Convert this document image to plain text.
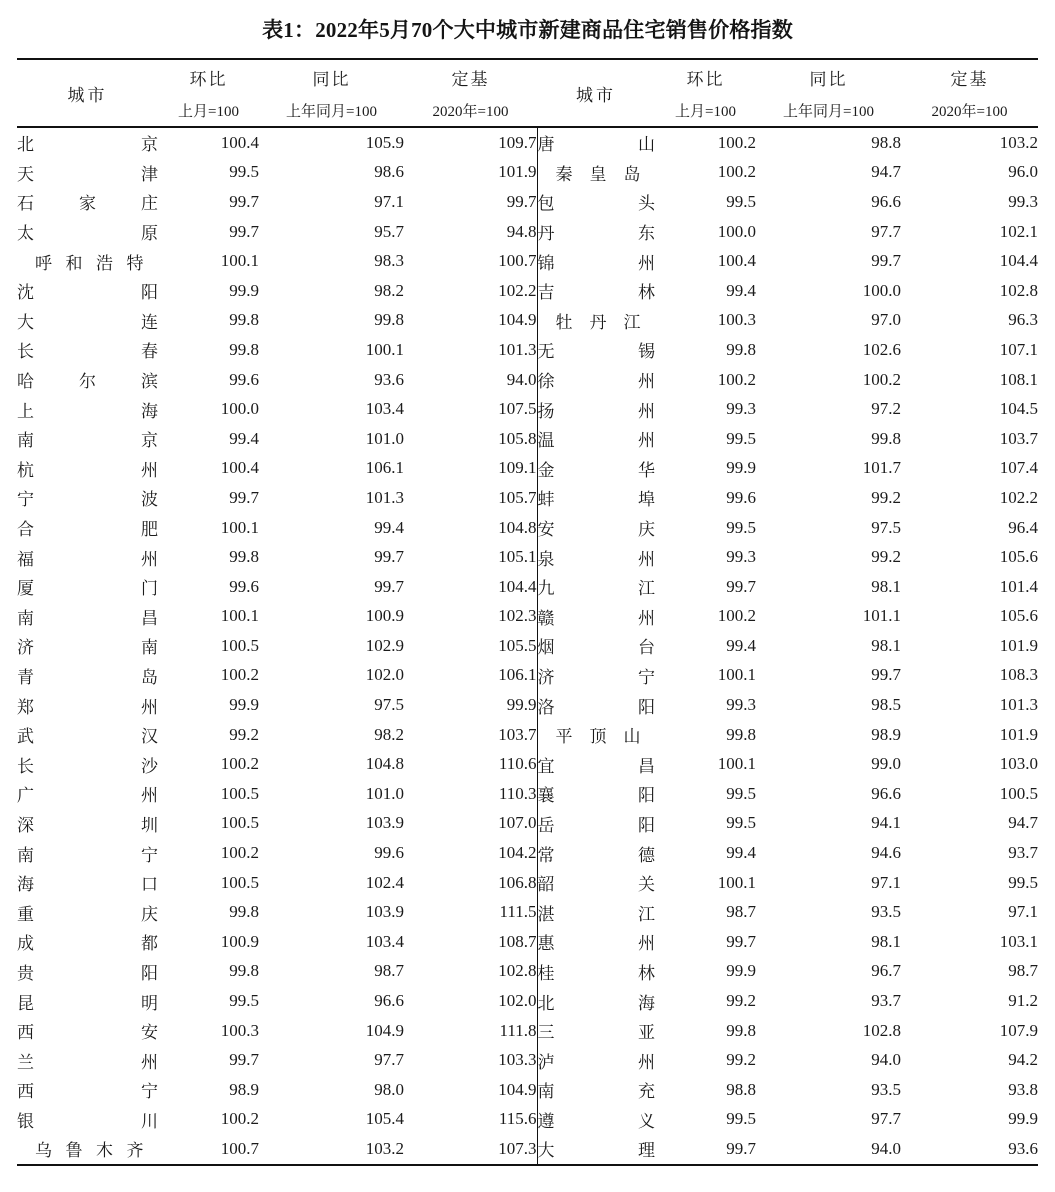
表1：2022年5月70个大中城市新建商品住宅销售价格指数

城市	环比	同比	定基	城市	环比	同比	定基
	上月=100	上年同月=100	2020年=100		上月=100	上年同月=100	2020年=100

北京	100.4	105.9	109.7	唐山	100.2	98.8	103.2
天津	99.5	98.6	101.9	秦皇岛	100.2	94.7	96.0
石家庄	99.7	97.1	99.7	包头	99.5	96.6	99.3
太原	99.7	95.7	94.8	丹东	100.0	97.7	102.1
呼和浩特	100.1	98.3	100.7	锦州	100.4	99.7	104.4
沈阳	99.9	98.2	102.2	吉林	99.4	100.0	102.8
大连	99.8	99.8	104.9	牡丹江	100.3	97.0	96.3
长春	99.8	100.1	101.3	无锡	99.8	102.6	107.1
哈尔滨	99.6	93.6	94.0	徐州	100.2	100.2	108.1
上海	100.0	103.4	107.5	扬州	99.3	97.2	104.5
南京	99.4	101.0	105.8	温州	99.5	99.8	103.7
杭州	100.4	106.1	109.1	金华	99.9	101.7	107.4
宁波	99.7	101.3	105.7	蚌埠	99.6	99.2	102.2
合肥	100.1	99.4	104.8	安庆	99.5	97.5	96.4
福州	99.8	99.7	105.1	泉州	99.3	99.2	105.6
厦门	99.6	99.7	104.4	九江	99.7	98.1	101.4
南昌	100.1	100.9	102.3	赣州	100.2	101.1	105.6
济南	100.5	102.9	105.5	烟台	99.4	98.1	101.9
青岛	100.2	102.0	106.1	济宁	100.1	99.7	108.3
郑州	99.9	97.5	99.9	洛阳	99.3	98.5	101.3
武汉	99.2	98.2	103.7	平顶山	99.8	98.9	101.9
长沙	100.2	104.8	110.6	宜昌	100.1	99.0	103.0
广州	100.5	101.0	110.3	襄阳	99.5	96.6	100.5
深圳	100.5	103.9	107.0	岳阳	99.5	94.1	94.7
南宁	100.2	99.6	104.2	常德	99.4	94.6	93.7
海口	100.5	102.4	106.8	韶关	100.1	97.1	99.5
重庆	99.8	103.9	111.5	湛江	98.7	93.5	97.1
成都	100.9	103.4	108.7	惠州	99.7	98.1	103.1
贵阳	99.8	98.7	102.8	桂林	99.9	96.7	98.7
昆明	99.5	96.6	102.0	北海	99.2	93.7	91.2
西安	100.3	104.9	111.8	三亚	99.8	102.8	107.9
兰州	99.7	97.7	103.3	泸州	99.2	94.0	94.2
西宁	98.9	98.0	104.9	南充	98.8	93.5	93.8
银川	100.2	105.4	115.6	遵义	99.5	97.7	99.9
乌鲁木齐	100.7	103.2	107.3	大理	99.7	94.0	93.6
